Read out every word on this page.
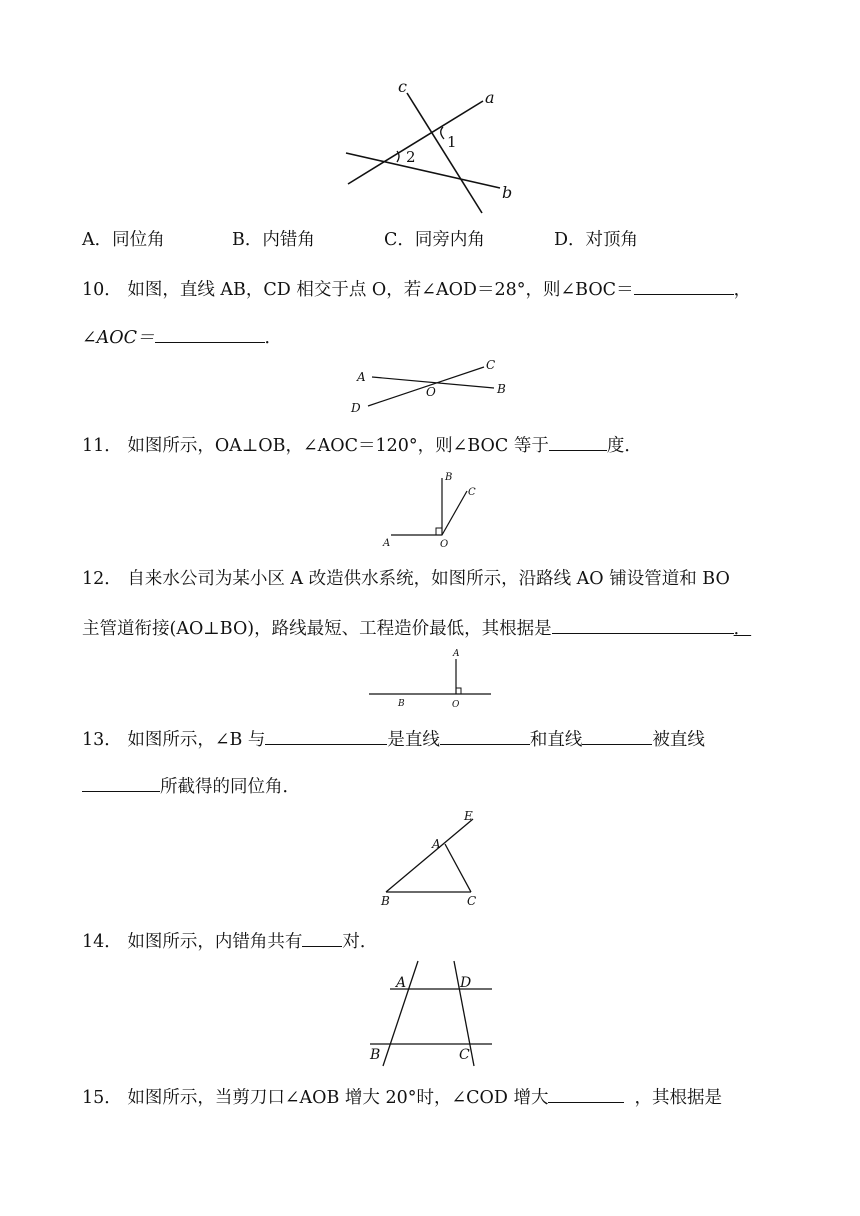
c
a
b
1
2
A．同位角	B．内错角	C．同旁内角	D．对顶角
10． 如图，直线 AB，CD 相交于点 O，若∠AOD＝28°，则∠BOC＝	，
∠AOC＝	．
A
C
B
D
O
11． 如图所示，OA⊥OB，∠AOC＝120°，则∠BOC 等于	度．
A
B
C
O
12． 自来水公司为某小区 A 改造供水系统，如图所示，沿路线 AO 铺设管道和 BO
主管道衔接(AO⊥BO)，路线最短、工程造价最低，其根据是	．
A
B	O
13． 如图所示，∠B 与	是直线	和直线	被直线
所截得的同位角．
E
A
B	C
14． 如图所示，内错角共有 对．
A	D
B	C
15． 如图所示，当剪刀口∠AOB 增大 20°时，∠COD 增大	，其根据是
